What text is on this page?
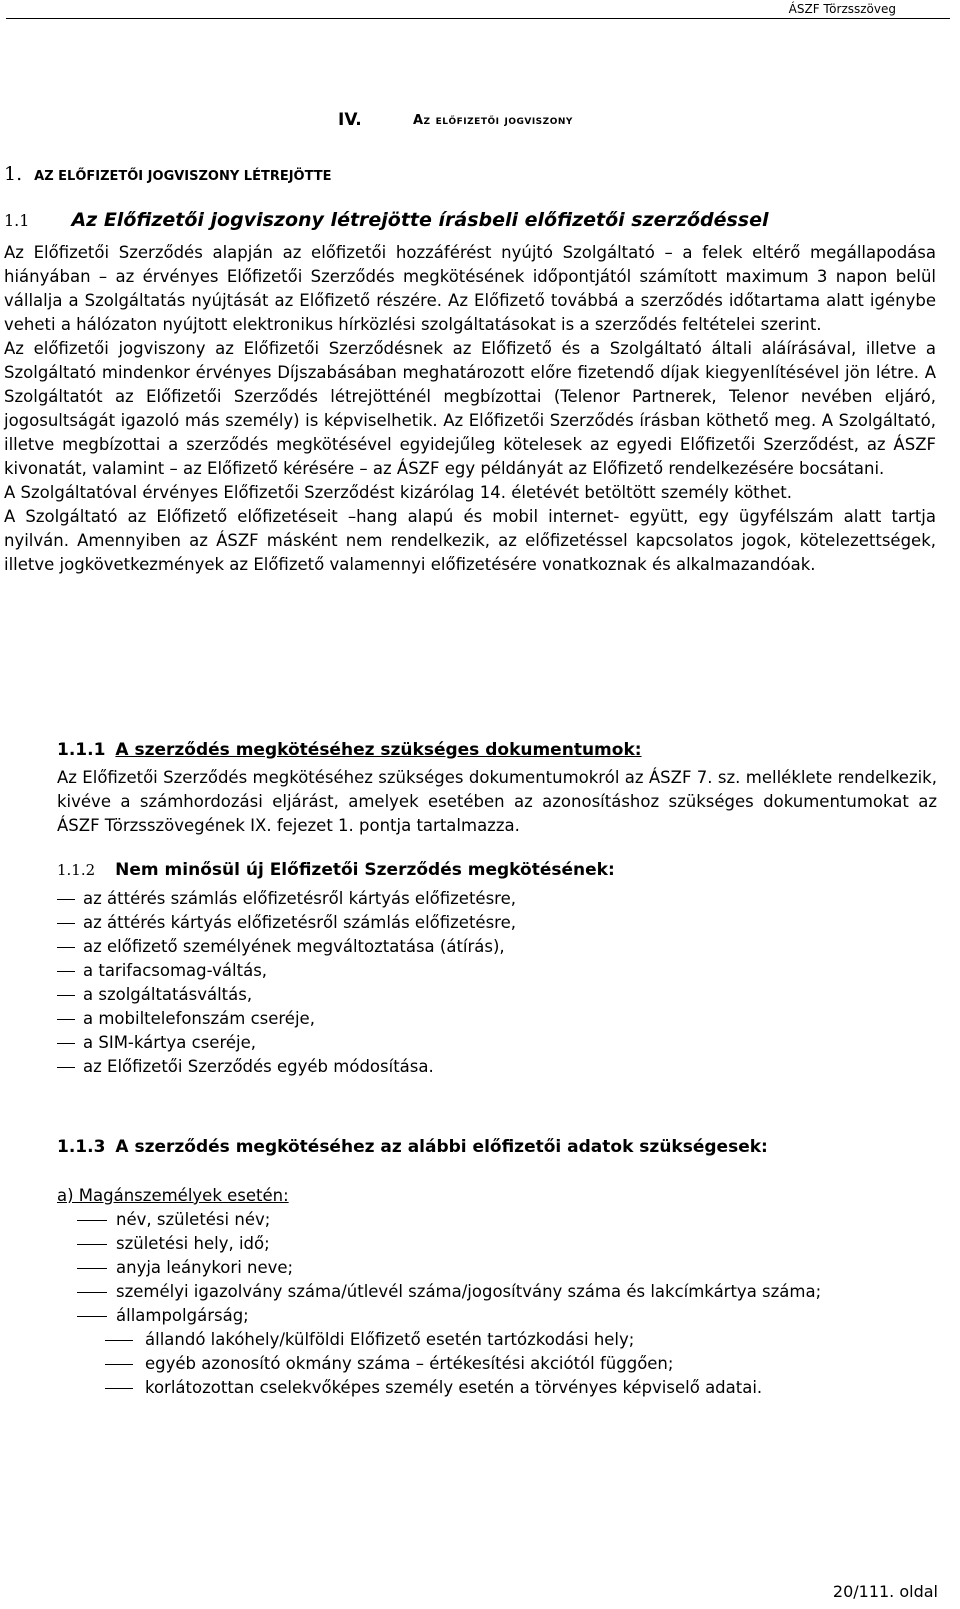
ÁSZF Törzsszöveg
IV.	Az előfizetői jogviszony
1. AZ ELŐFIZETŐI JOGVISZONY LÉTREJÖTTE
1.1 Az Előfizetői jogviszony létrejötte írásbeli előfizetői szerződéssel

Az Előfizetői Szerződés alapján az előfizetői hozzáférést nyújtó Szolgáltató – a felek eltérő megállapodása hiányában – az érvényes Előfizetői Szerződés megkötésének időpontjától számított maximum 3 napon belül vállalja a Szolgáltatás nyújtását az Előfizető részére. Az Előfizető továbbá a szerződés időtartama alatt igénybe veheti a hálózaton nyújtott elektronikus hírközlési szolgáltatásokat is a szerződés feltételei szerint.

Az előfizetői jogviszony az Előfizetői Szerződésnek az Előfizető és a Szolgáltató általi aláírásával, illetve a Szolgáltató mindenkor érvényes Díjszabásában meghatározott előre fizetendő díjak kiegyenlítésével jön létre. A Szolgáltatót az Előfizetői Szerződés létrejötténél megbízottai (Telenor Partnerek, Telenor nevében eljáró, jogosultságát igazoló más személy) is képviselhetik. Az Előfizetői Szerződés írásban köthető meg. A Szolgáltató, illetve megbízottai a szerződés megkötésével egyidejűleg kötelesek az egyedi Előfizetői Szerződést, az ÁSZF kivonatát, valamint – az Előfizető kérésére – az ÁSZF egy példányát az Előfizető rendelkezésére bocsátani.

A Szolgáltatóval érvényes Előfizetői Szerződést kizárólag 14. életévét betöltött személy köthet.

A Szolgáltató az Előfizető előfizetéseit –hang alapú és mobil internet- együtt, egy ügyfélszám alatt tartja nyilván. Amennyiben az ÁSZF másként nem rendelkezik, az előfizetéssel kapcsolatos jogok, kötelezettségek, illetve jogkövetkezmények az Előfizető valamennyi előfizetésére vonatkoznak és alkalmazandóak.

1.1.1 A szerződés megkötéséhez szükséges dokumentumok:

Az Előfizetői Szerződés megkötéséhez szükséges dokumentumokról az ÁSZF 7. sz. melléklete rendelkezik, kivéve a számhordozási eljárást, amelyek esetében az azonosításhoz szükséges dokumentumokat az ÁSZF Törzsszövegének IX. fejezet 1. pontja tartalmazza.

1.1.2 Nem minősül új Előfizetői Szerződés megkötésének:
az áttérés számlás előfizetésről kártyás előfizetésre,
az áttérés kártyás előfizetésről számlás előfizetésre,
az előfizető személyének megváltoztatása (átírás),
a tarifacsomag-váltás,
a szolgáltatásváltás,
a mobiltelefonszám cseréje,
a SIM-kártya cseréje,
az Előfizetői Szerződés egyéb módosítása.
1.1.3 A szerződés megkötéséhez az alábbi előfizetői adatok szükségesek:
a) Magánszemélyek esetén:
név, születési név;
születési hely, idő;
anyja leánykori neve;
személyi igazolvány száma/útlevél száma/jogosítvány száma és lakcímkártya száma;
állampolgárság;
állandó lakóhely/külföldi Előfizető esetén tartózkodási hely;
egyéb azonosító okmány száma – értékesítési akciótól függően;
korlátozottan cselekvőképes személy esetén a törvényes képviselő adatai.
20/111. oldal
